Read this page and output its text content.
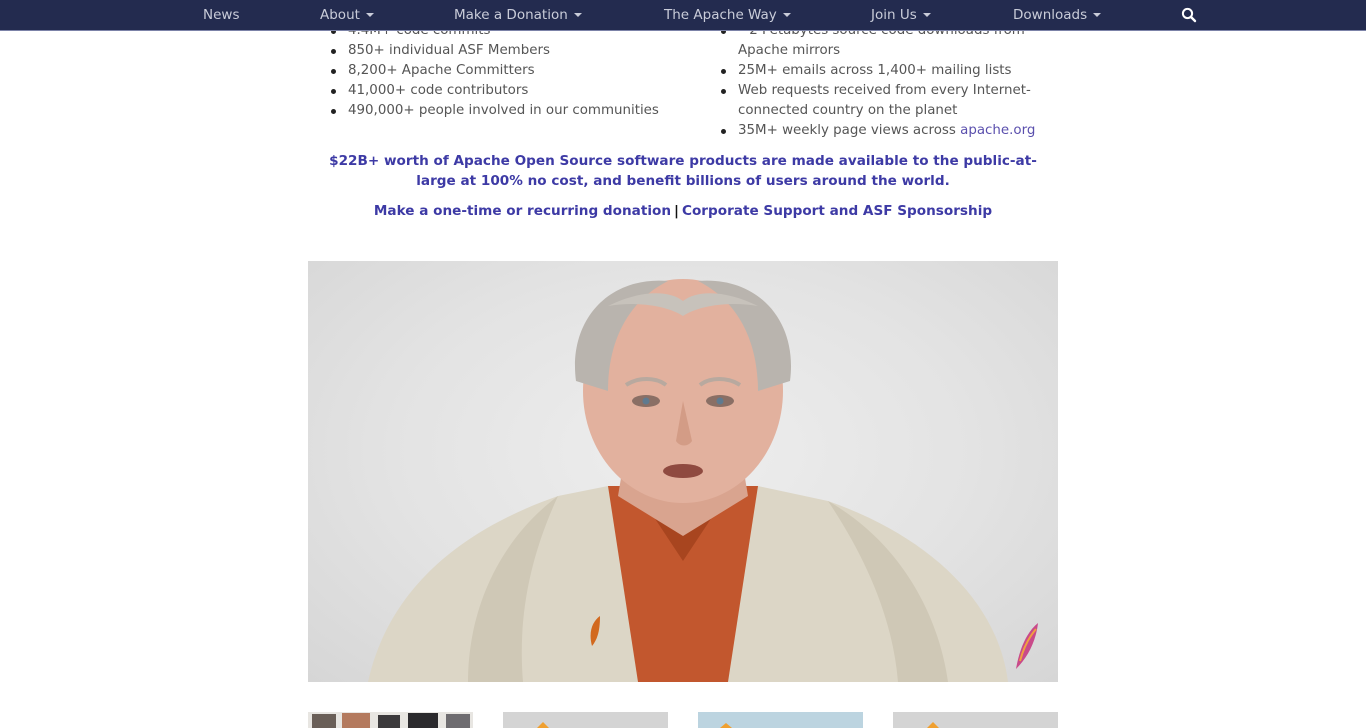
News	About	Make a Donation	The Apache Way	Join Us	Downloads
850+ individual ASF Members
8,200+ Apache Committers
41,000+ code contributors
490,000+ people involved in our communities
Apache mirrors
25M+ emails across 1,400+ mailing lists
Web requests received from every Internet-connected country on the planet
35M+ weekly page views across apache.org
$22B+ worth of Apache Open Source software products are made available to the public-at-large at 100% no cost, and benefit billions of users around the world.
Make a one-time or recurring donation | Corporate Support and ASF Sponsorship
